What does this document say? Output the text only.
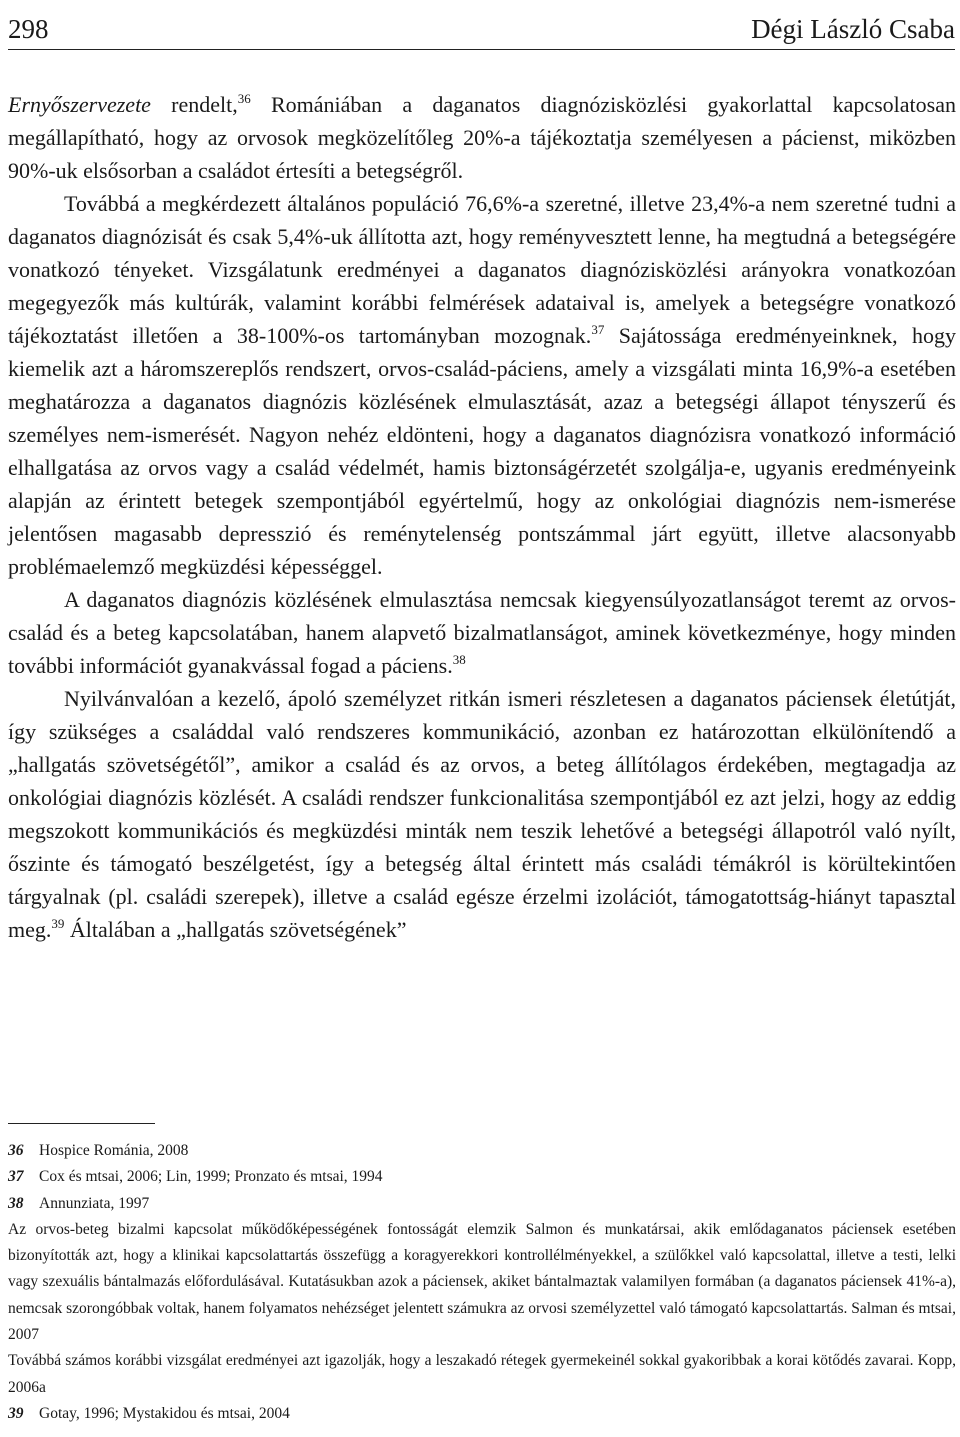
298	Dégi László Csaba

Ernyőszervezete rendelt,$^{36}$ Romániában a daganatos diagnózisközlési gyakorlattal kapcsolatosan megállapítható, hogy az orvosok megközelítőleg 20%-a tájékoztatja személyesen a pácienst, miközben 90%-uk elsősorban a családot értesíti a betegségről.

Továbbá a megkérdezett általános populáció 76,6%-a szeretné, illetve 23,4%-a nem szeretné tudni a daganatos diagnózisát és csak 5,4%-uk állította azt, hogy reményvesztett lenne, ha megtudná a betegségére vonatkozó tényeket. Vizsgálatunk eredményei a daganatos diagnózisközlési arányokra vonatkozóan megegyezők más kultúrák, valamint korábbi felmérések adataival is, amelyek a betegségre vonatkozó tájékoztatást illetően a 38-100%-os tartományban mozognak.$^{37}$ Sajátossága eredményeinknek, hogy kiemelik azt a háromszereplős rendszert, orvos-család-páciens, amely a vizsgálati minta 16,9%-a esetében meghatározza a daganatos diagnózis közlésének elmulasztását, azaz a betegségi állapot tényszerű és személyes nem-ismerését. Nagyon nehéz eldönteni, hogy a daganatos diagnózisra vonatkozó információ elhallgatása az orvos vagy a család védelmét, hamis biztonságérzetét szolgálja-e, ugyanis eredményeink alapján az érintett betegek szempontjából egyértelmű, hogy az onkológiai diagnózis nem-ismerése jelentősen magasabb depresszió és reménytelenség pontszámmal járt együtt, illetve alacsonyabb problémaelemző megküzdési képességgel.

A daganatos diagnózis közlésének elmulasztása nemcsak kiegyensúlyozatlanságot teremt az orvos-család és a beteg kapcsolatában, hanem alapvető bizalmatlanságot, aminek következménye, hogy minden további információt gyanakvással fogad a páciens.$^{38}$

Nyilvánvalóan a kezelő, ápoló személyzet ritkán ismeri részletesen a daganatos páciensek életútját, így szükséges a családdal való rendszeres kommunikáció, azonban ez határozottan elkülönítendő a „hallgatás szövetségétől”, amikor a család és az orvos, a beteg állítólagos érdekében, megtagadja az onkológiai diagnózis közlését. A családi rendszer funkcionalitása szempontjából ez azt jelzi, hogy az eddig megszokott kommunikációs és megküzdési minták nem teszik lehetővé a betegségi állapotról való nyílt, őszinte és támogató beszélgetést, így a betegség által érintett más családi témákról is körültekintően tárgyalnak (pl. családi szerepek), illetve a család egésze érzelmi izolációt, támogatottság-hiányt tapasztal meg.$^{39}$ Általában a „hallgatás szövetségének”

36 Hospice Románia, 2008

37 Cox és mtsai, 2006; Lin, 1999; Pronzato és mtsai, 1994

38 Annunziata, 1997

Az orvos-beteg bizalmi kapcsolat működőképességének fontosságát elemzik Salmon és munkatársai, akik emlődaganatos páciensek esetében bizonyították azt, hogy a klinikai kapcsolattartás összefügg a koragyerekkori kontrollélményekkel, a szülőkkel való kapcsolattal, illetve a testi, lelki vagy szexuális bántalmazás előfordulásával. Kutatásukban azok a páciensek, akiket bántalmaztak valamilyen formában (a daganatos páciensek 41%-a), nemcsak szorongóbbak voltak, hanem folyamatos nehézséget jelentett számukra az orvosi személyzettel való támogató kapcsolattartás. Salman és mtsai, 2007

Továbbá számos korábbi vizsgálat eredményei azt igazolják, hogy a leszakadó rétegek gyermekeinél sokkal gyakoribbak a korai kötődés zavarai. Kopp, 2006a

39 Gotay, 1996; Mystakidou és mtsai, 2004
